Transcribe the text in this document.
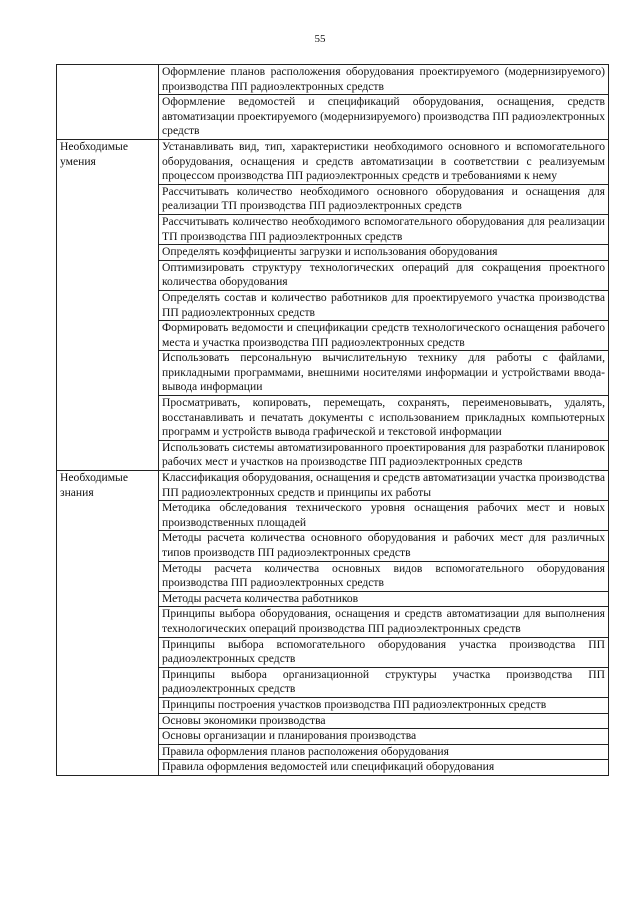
55
	Оформление планов расположения оборудования проектируемого (модернизируемого) производства ПП радиоэлектронных средств
	Оформление ведомостей и спецификаций оборудования, оснащения, средств автоматизации проектируемого (модернизируемого) производства ПП радиоэлектронных средств

Необходимые умения	Устанавливать вид, тип, характеристики необходимого основного и вспомогательного оборудования, оснащения и средств автоматизации в соответствии с реализуемым процессом производства ПП радиоэлектронных средств и требованиями к нему
	Рассчитывать количество необходимого основного оборудования и оснащения для реализации ТП производства ПП радиоэлектронных средств
	Рассчитывать количество необходимого вспомогательного оборудования для реализации ТП производства ПП радиоэлектронных средств
	Определять коэффициенты загрузки и использования оборудования
	Оптимизировать структуру технологических операций для сокращения проектного количества оборудования
	Определять состав и количество работников для проектируемого участка производства ПП радиоэлектронных средств
	Формировать ведомости и спецификации средств технологического оснащения рабочего места и участка производства ПП радиоэлектронных средств
	Использовать персональную вычислительную технику для работы с файлами, прикладными программами, внешними носителями информации и устройствами ввода-вывода информации
	Просматривать, копировать, перемещать, сохранять, переименовывать, удалять, восстанавливать и печатать документы с использованием прикладных компьютерных программ и устройств вывода графической и текстовой информации
	Использовать системы автоматизированного проектирования для разработки планировок рабочих мест и участков на производстве ПП радиоэлектронных средств

Необходимые знания	Классификация оборудования, оснащения и средств автоматизации участка производства ПП радиоэлектронных средств и принципы их работы
	Методика обследования технического уровня оснащения рабочих мест и новых производственных площадей
	Методы расчета количества основного оборудования и рабочих мест для различных типов производств ПП радиоэлектронных средств
	Методы расчета количества основных видов вспомогательного оборудования производства ПП радиоэлектронных средств
	Методы расчета количества работников
	Принципы выбора оборудования, оснащения и средств автоматизации для выполнения технологических операций производства ПП радиоэлектронных средств
	Принципы выбора вспомогательного оборудования участка производства ПП радиоэлектронных средств
	Принципы выбора организационной структуры участка производства ПП радиоэлектронных средств
	Принципы построения участков производства ПП радиоэлектронных средств
	Основы экономики производства
	Основы организации и планирования производства
	Правила оформления планов расположения оборудования
	Правила оформления ведомостей или спецификаций оборудования
